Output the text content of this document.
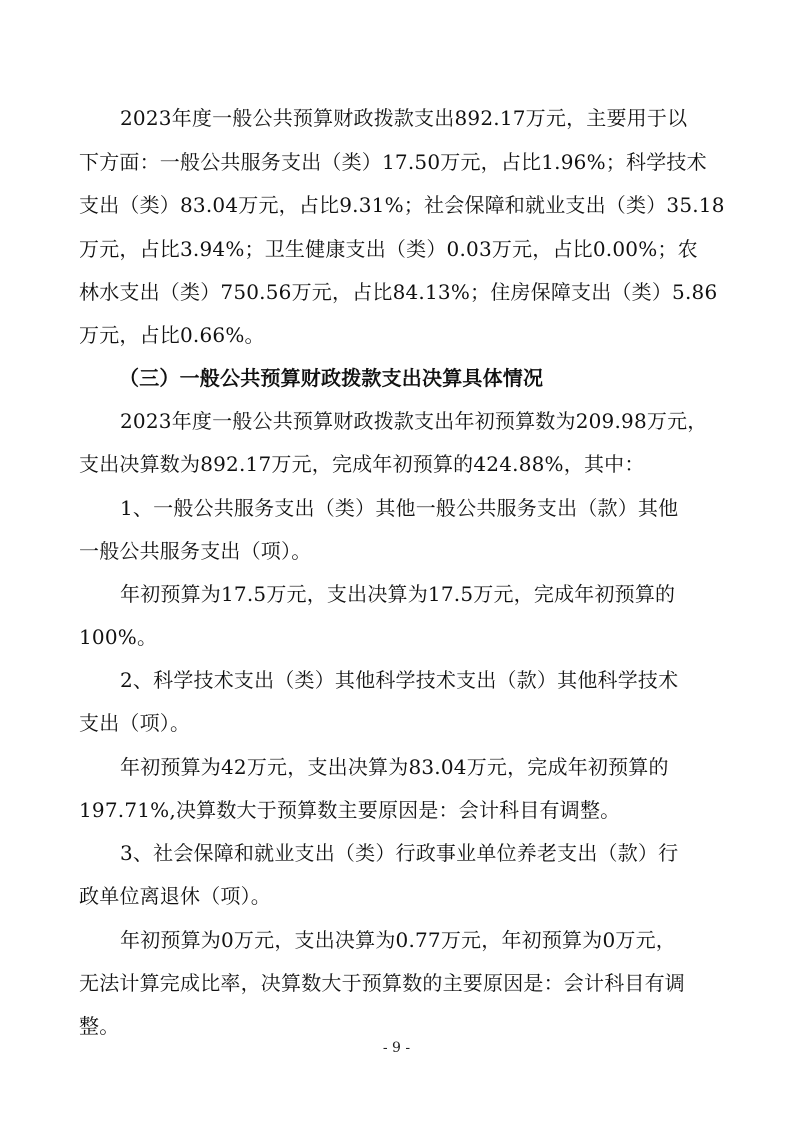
2023年度一般公共预算财政拨款支出892.17万元，主要用于以
下方面：一般公共服务支出（类）17.50万元，占比1.96%；科学技术
支出（类）83.04万元，占比9.31%；社会保障和就业支出（类）35.18
万元，占比3.94%；卫生健康支出（类）0.03万元，占比0.00%；农
林水支出（类）750.56万元，占比84.13%；住房保障支出（类）5.86
万元，占比0.66%。
（三）一般公共预算财政拨款支出决算具体情况
2023年度一般公共预算财政拨款支出年初预算数为209.98万元，
支出决算数为892.17万元，完成年初预算的424.88%，其中：
1、一般公共服务支出（类）其他一般公共服务支出（款）其他
一般公共服务支出（项）。
年初预算为17.5万元，支出决算为17.5万元，完成年初预算的
100%。
2、科学技术支出（类）其他科学技术支出（款）其他科学技术
支出（项）。
年初预算为42万元，支出决算为83.04万元，完成年初预算的
197.71%,决算数大于预算数主要原因是：会计科目有调整。
3、社会保障和就业支出（类）行政事业单位养老支出（款）行
政单位离退休（项）。
年初预算为0万元，支出决算为0.77万元，年初预算为0万元，
无法计算完成比率，决算数大于预算数的主要原因是：会计科目有调
整。
- 9 -
